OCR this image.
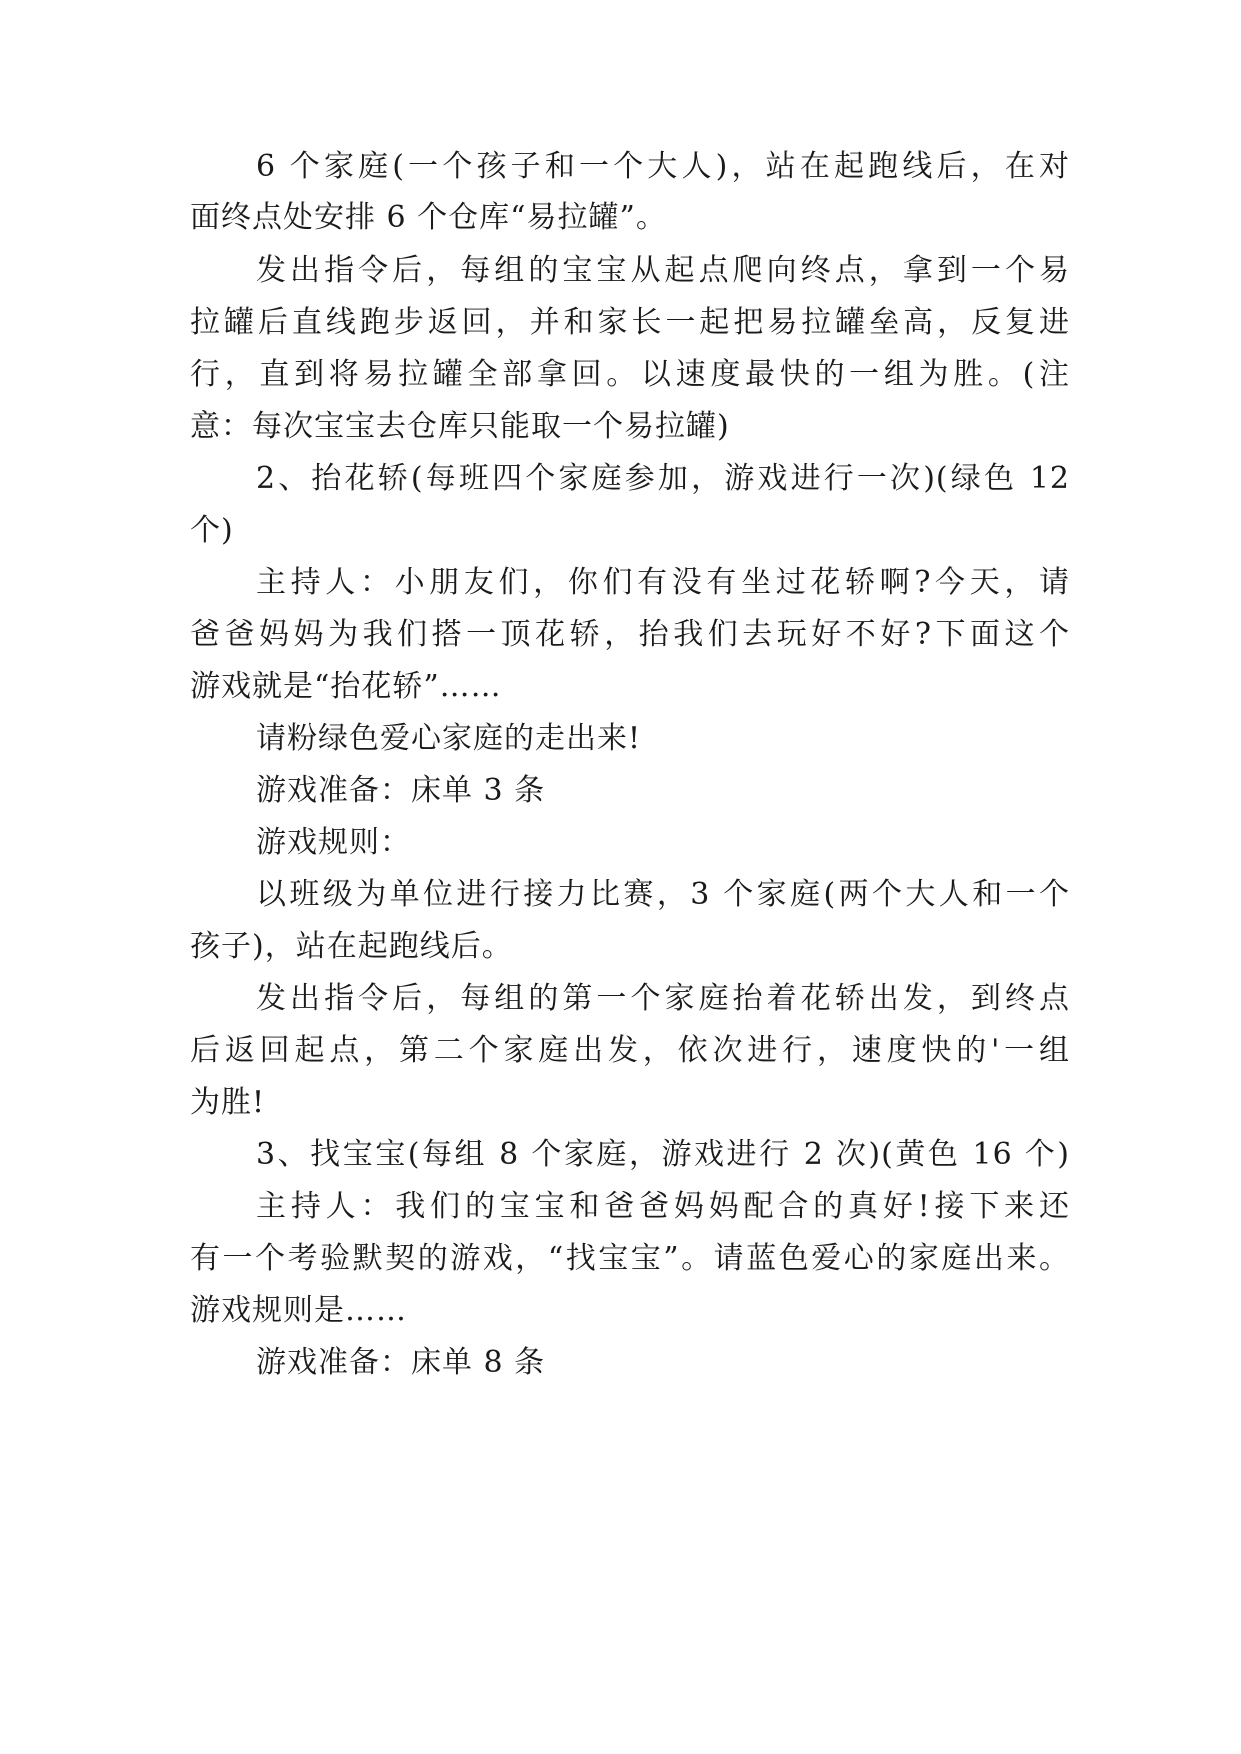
6 个家庭(一个孩子和一个大人)，站在起跑线后，在对
面终点处安排 6 个仓库“易拉罐”。
发出指令后，每组的宝宝从起点爬向终点，拿到一个易
拉罐后直线跑步返回，并和家长一起把易拉罐垒高，反复进
行，直到将易拉罐全部拿回。以速度最快的一组为胜。(注
意：每次宝宝去仓库只能取一个易拉罐)
2、抬花轿(每班四个家庭参加，游戏进行一次)(绿色 12
个)
主持人：小朋友们，你们有没有坐过花轿啊?今天，请
爸爸妈妈为我们搭一顶花轿，抬我们去玩好不好?下面这个
游戏就是“抬花轿”……
请粉绿色爱心家庭的走出来!
游戏准备：床单 3 条
游戏规则：
以班级为单位进行接力比赛，3 个家庭(两个大人和一个
孩子)，站在起跑线后。
发出指令后，每组的第一个家庭抬着花轿出发，到终点
后返回起点，第二个家庭出发，依次进行，速度快的'一组
为胜!
3、找宝宝(每组 8 个家庭，游戏进行 2 次)(黄色 16 个)
主持人：我们的宝宝和爸爸妈妈配合的真好!接下来还
有一个考验默契的游戏，“找宝宝”。请蓝色爱心的家庭出来。
游戏规则是……
游戏准备：床单 8 条
